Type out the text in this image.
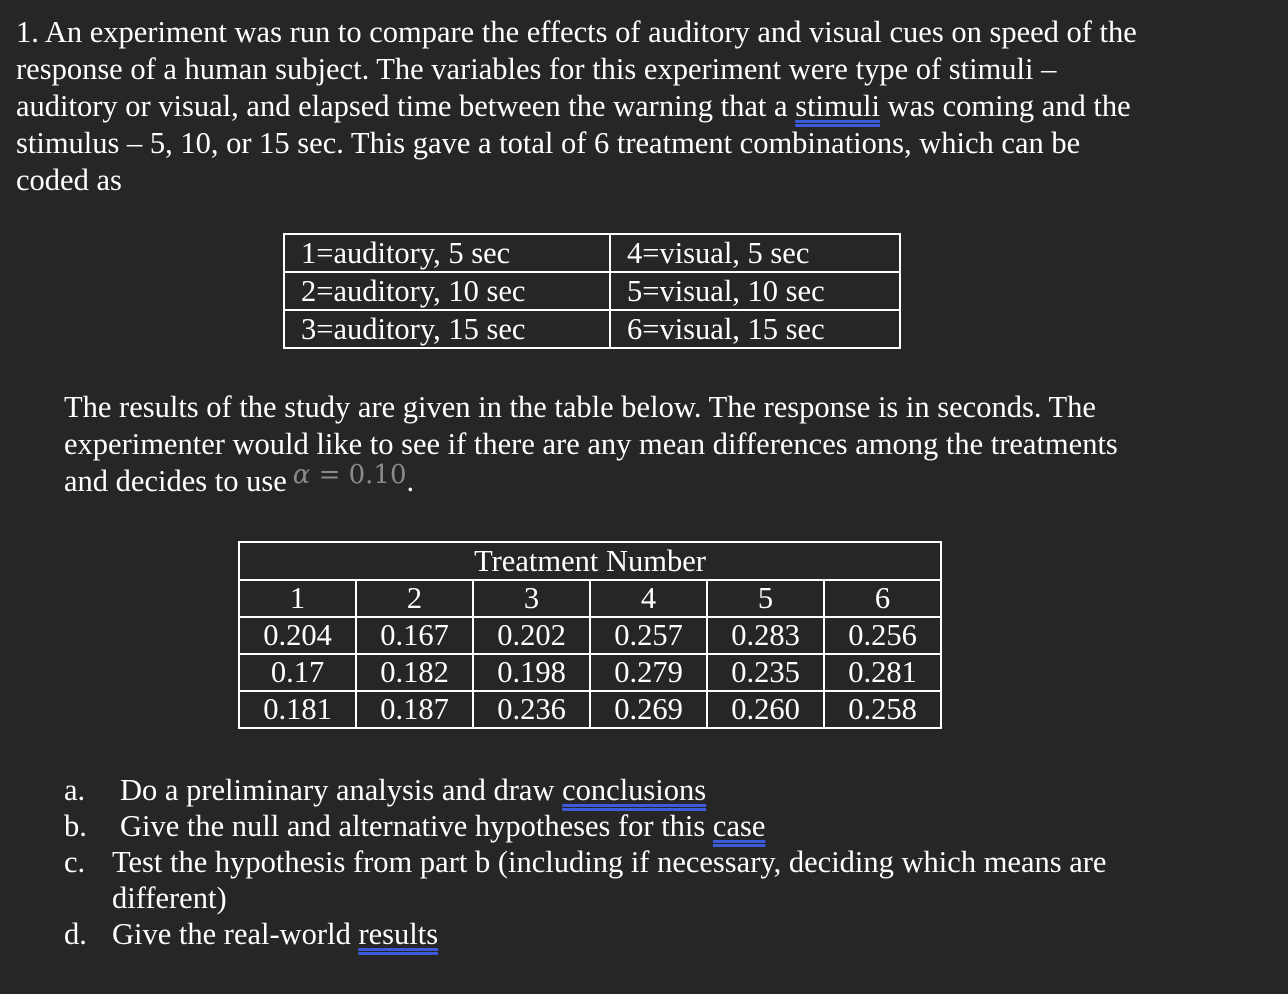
1. An experiment was run to compare the effects of auditory and visual cues on speed of the
response of a human subject. The variables for this experiment were type of stimuli –
auditory or visual, and elapsed time between the warning that a stimuli was coming and the
stimulus – 5, 10, or 15 sec. This gave a total of 6 treatment combinations, which can be
coded as
1=auditory, 5 sec	4=visual, 5 sec
2=auditory, 10 sec	5=visual, 10 sec
3=auditory, 15 sec	6=visual, 15 sec
The results of the study are given in the table below. The response is in seconds. The
experimenter would like to see if there are any mean differences among the treatments
and decides to use α = 0.10.
Treatment Number					
1	2	3	4	5	6
0.204	0.167	0.202	0.257	0.283	0.256
0.17	0.182	0.198	0.279	0.235	0.281
0.181	0.187	0.236	0.269	0.260	0.258
a.	Do a preliminary analysis and draw conclusions
b.	Give the null and alternative hypotheses for this case
c. Test the hypothesis from part b (including if necessary, deciding which means are
different)
d. Give the real-world results
